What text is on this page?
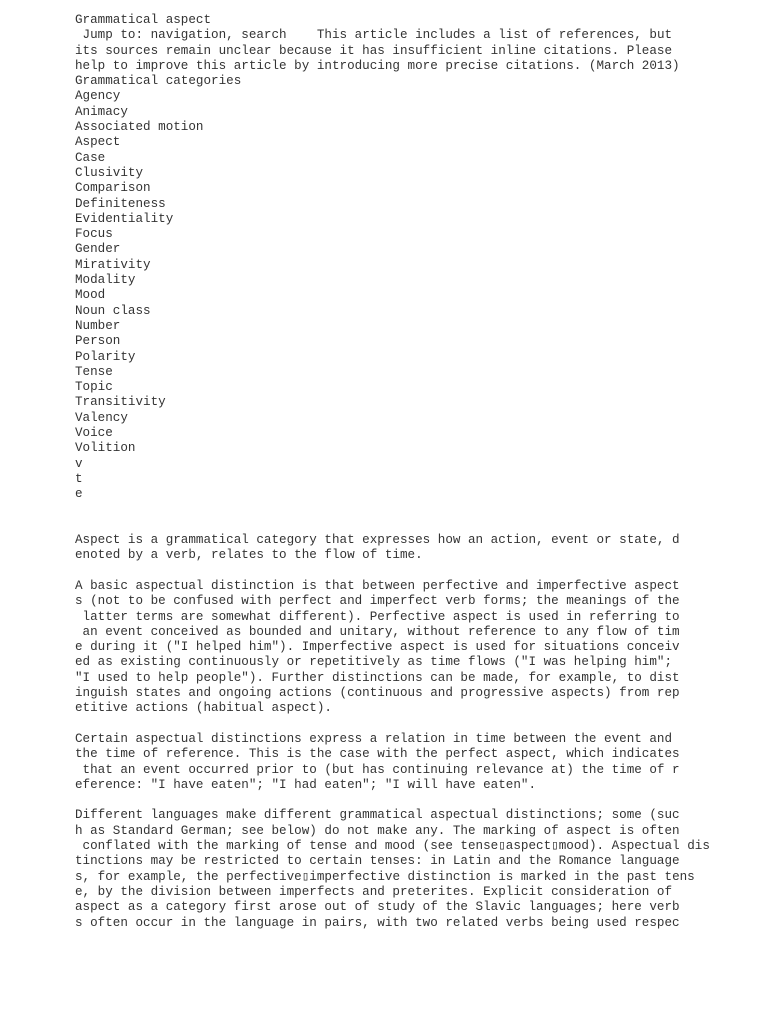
Grammatical aspect
Jump to: navigation, search    This article includes a list of references, but
its sources remain unclear because it has insufficient inline citations. Please
help to improve this article by introducing more precise citations. (March 2013)
Grammatical categories
Agency
Animacy
Associated motion
Aspect
Case
Clusivity
Comparison
Definiteness
Evidentiality
Focus
Gender
Mirativity
Modality
Mood
Noun class
Number
Person
Polarity
Tense
Topic
Transitivity
Valency
Voice
Volition
v
t
e
Aspect is a grammatical category that expresses how an action, event or state, d
enoted by a verb, relates to the flow of time.
A basic aspectual distinction is that between perfective and imperfective aspect
s (not to be confused with perfect and imperfect verb forms; the meanings of the
latter terms are somewhat different). Perfective aspect is used in referring to
an event conceived as bounded and unitary, without reference to any flow of tim
e during it ("I helped him"). Imperfective aspect is used for situations conceiv
ed as existing continuously or repetitively as time flows ("I was helping him";
"I used to help people"). Further distinctions can be made, for example, to dist
inguish states and ongoing actions (continuous and progressive aspects) from rep
etitive actions (habitual aspect).
Certain aspectual distinctions express a relation in time between the event and
the time of reference. This is the case with the perfect aspect, which indicates
that an event occurred prior to (but has continuing relevance at) the time of r
eference: "I have eaten"; "I had eaten"; "I will have eaten".
Different languages make different grammatical aspectual distinctions; some (suc
h as Standard German; see below) do not make any. The marking of aspect is often
conflated with the marking of tense and mood (see tense▯aspect▯mood). Aspectual dis
tinctions may be restricted to certain tenses: in Latin and the Romance language
s, for example, the perfective▯imperfective distinction is marked in the past tens
e, by the division between imperfects and preterites. Explicit consideration of
aspect as a category first arose out of study of the Slavic languages; here verb
s often occur in the language in pairs, with two related verbs being used respec
